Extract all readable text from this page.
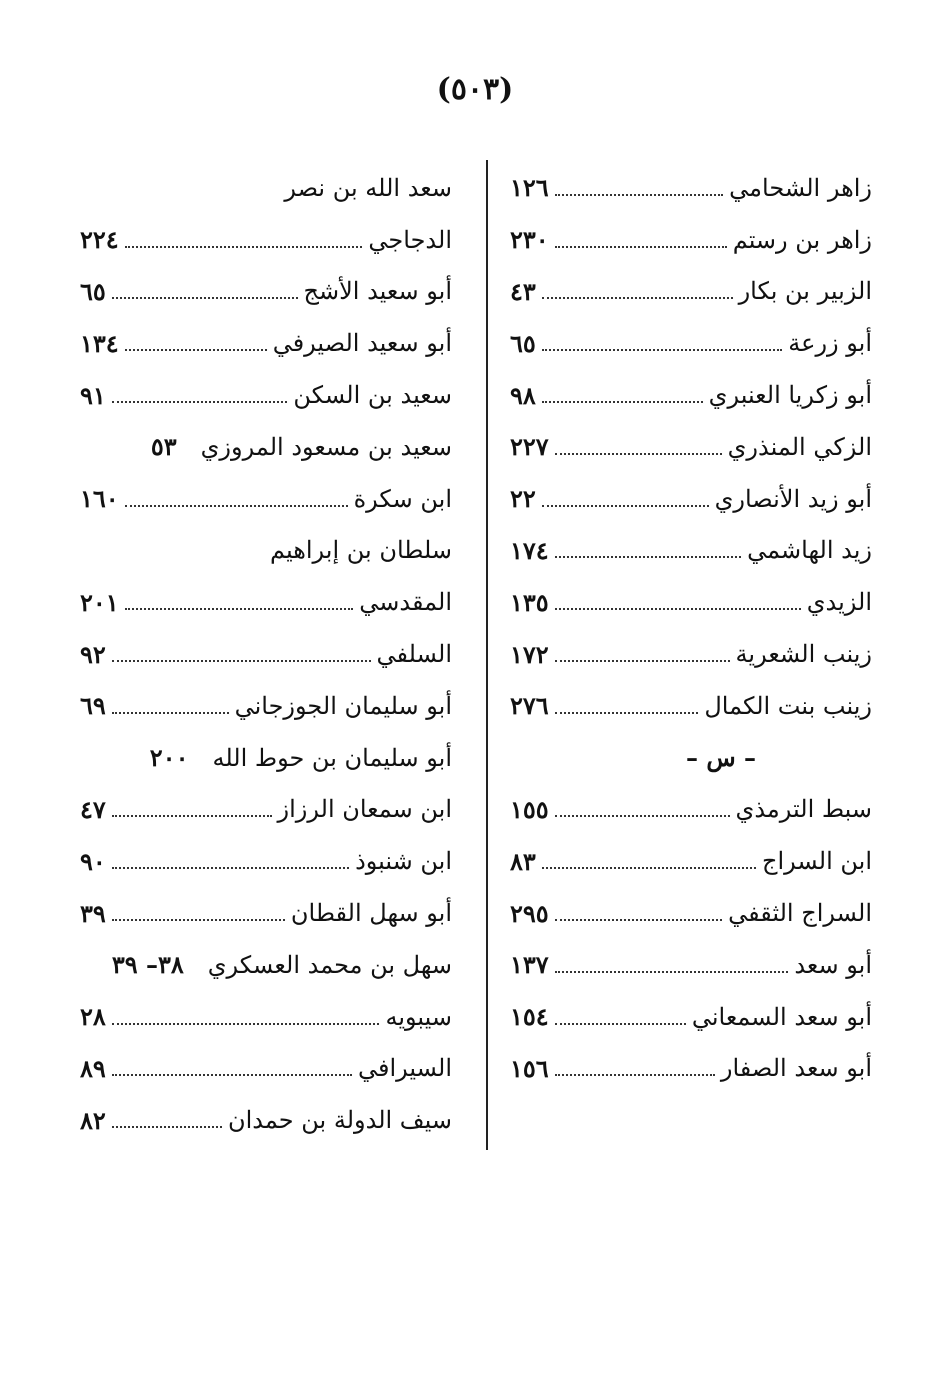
(٥٠٣)
زاهر الشحامي
١٢٦
زاهر بن رستم
٢٣٠
الزبير بن بكار
٤٣
أبو زرعة
٦٥
أبو زكريا العنبري
٩٨
الزكي المنذري
٢٢٧
أبو زيد الأنصاري
٢٢
زيد الهاشمي
١٧٤
الزيدي
١٣٥
زينب الشعرية
١٧٢
زينب بنت الكمال
٢٧٦
– س –
سبط الترمذي
١٥٥
ابن السراج
٨٣
السراج الثقفي
٢٩٥
أبو سعد
١٣٧
أبو سعد السمعاني
١٥٤
أبو سعد الصفار
١٥٦
سعد الله بن نصر
الدجاجي
٢٢٤
أبو سعيد الأشج
٦٥
أبو سعيد الصيرفي
١٣٤
سعيد بن السكن
٩١
سعيد بن مسعود المروزي
٥٣
ابن سكرة
١٦٠
سلطان بن إبراهيم
المقدسي
٢٠١
السلفي
٩٢
أبو سليمان الجوزجاني
٦٩
أبو سليمان بن حوط الله
٢٠٠
ابن سمعان الرزاز
٤٧
ابن شنبوذ
٩٠
أبو سهل القطان
٣٩
سهل بن محمد العسكري
٣٨– ٣٩
سيبويه
٢٨
السيرافي
٨٩
سيف الدولة بن حمدان
٨٢
